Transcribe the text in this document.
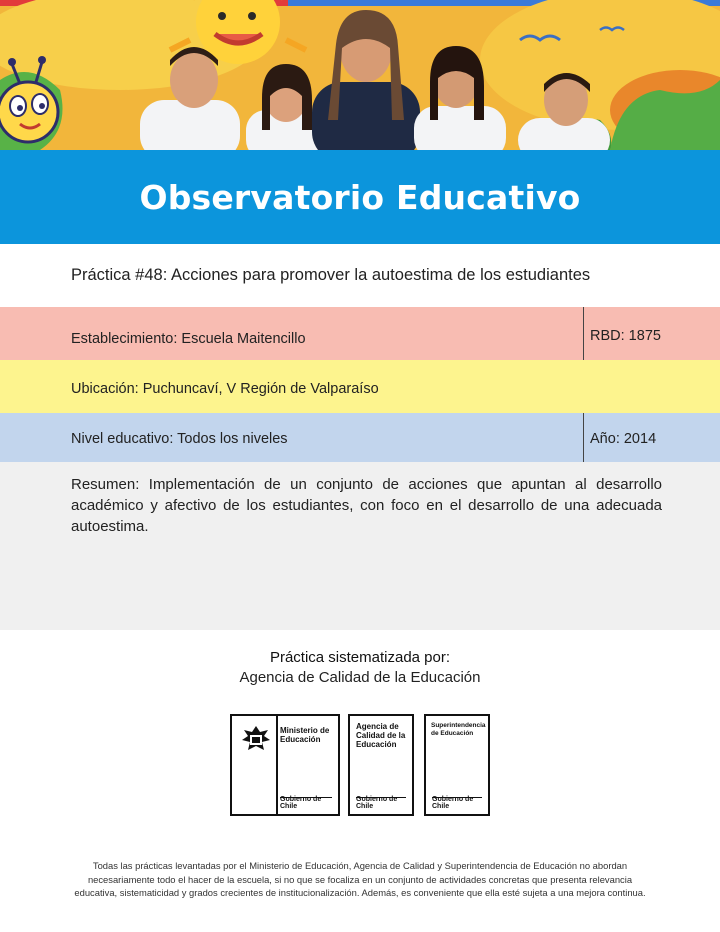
Observatorio Educativo
Práctica #48: Acciones para promover la autoestima de los estudiantes
Establecimiento: Escuela Maitencillo	RBD: 1875
Ubicación: Puchuncaví, V Región de Valparaíso
Nivel educativo: Todos los niveles	Año: 2014

Resumen: Implementación de un conjunto de acciones que apuntan al desarrollo académico y afectivo de los estudiantes, con foco en el desarrollo de una adecuada autoestima.

Práctica sistematizada por:
Agencia de Calidad de la Educación
Ministerio de Educación
Gobierno de Chile
Agencia de Calidad de la Educación
Gobierno de Chile
Superintendencia de Educación
Gobierno de Chile
Todas las prácticas levantadas por el Ministerio de Educación, Agencia de Calidad y Superintendencia de Educación no abordan necesariamente todo el hacer de la escuela, si no que se focaliza en un conjunto de actividades concretas que presenta relevancia educativa, sistematicidad y grados crecientes de institucionalización. Además, es conveniente que ella esté sujeta a una mejora continua.
